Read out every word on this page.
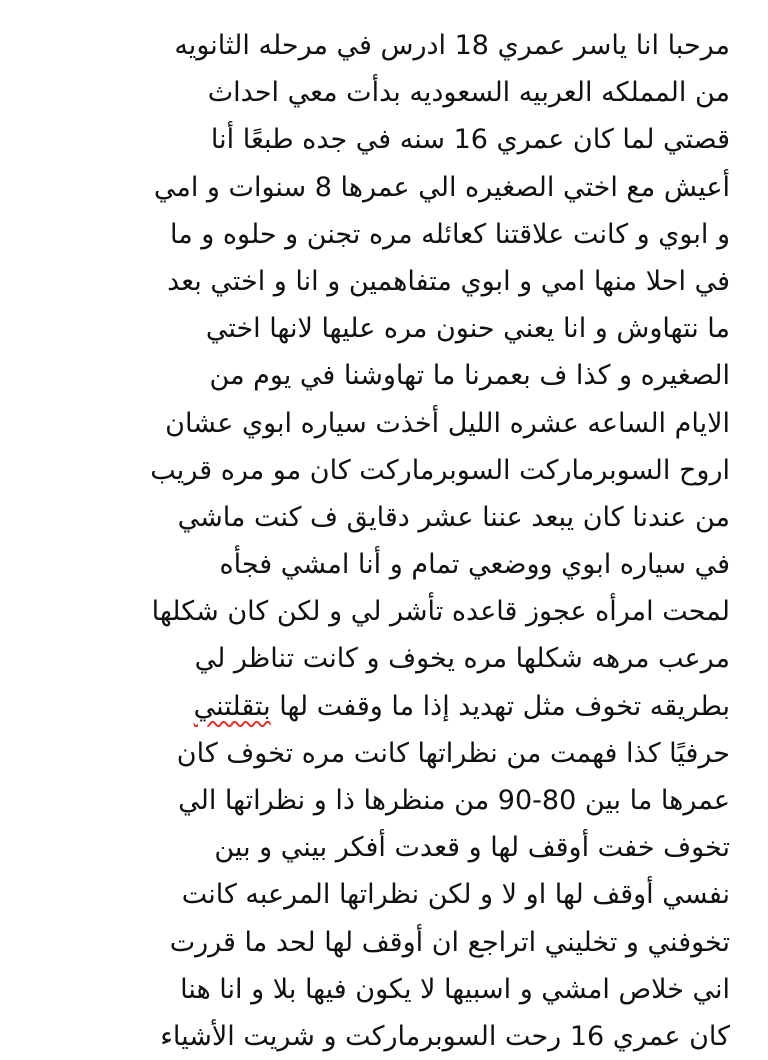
مرحبا انا ياسر عمري 18 ادرس في مرحله الثانويه
من المملكه العربيه السعوديه بدأت معي احداث
قصتي لما كان عمري 16 سنه في جده طبعًا أنا
أعيش مع اختي الصغيره الي عمرها 8 سنوات و امي
و ابوي و كانت علاقتنا كعائله مره تجنن و حلوه و ما
في احلا منها امي و ابوي متفاهمين و انا و اختي بعد
ما نتهاوش و انا يعني حنون مره عليها لانها اختي
الصغيره و كذا ف بعمرنا ما تهاوشنا في يوم من
الايام الساعه عشره الليل أخذت سياره ابوي عشان
اروح السوبرماركت السوبرماركت كان مو مره قريب
من عندنا كان يبعد عننا عشر دقايق ف كنت ماشي
في سياره ابوي ووضعي تمام و أنا امشي فجأه
لمحت امرأه عجوز قاعده تأشر لي و لكن كان شكلها
مرعب مرهه شكلها مره يخوف و كانت تناظر لي
بطريقه تخوف مثل تهديد إذا ما وقفت لها بتقلتني
حرفيًا كذا فهمت من نظراتها كانت مره تخوف كان
عمرها ما بين 80-90 من منظرها ذا و نظراتها الي
تخوف خفت أوقف لها و قعدت أفكر بيني و بين
نفسي أوقف لها او لا و لكن نظراتها المرعبه كانت
تخوفني و تخليني اتراجع ان أوقف لها لحد ما قررت
اني خلاص امشي و اسبيها لا يكون فيها بلا و انا هنا
كان عمري 16 رحت السوبرماركت و شريت الأشياء
